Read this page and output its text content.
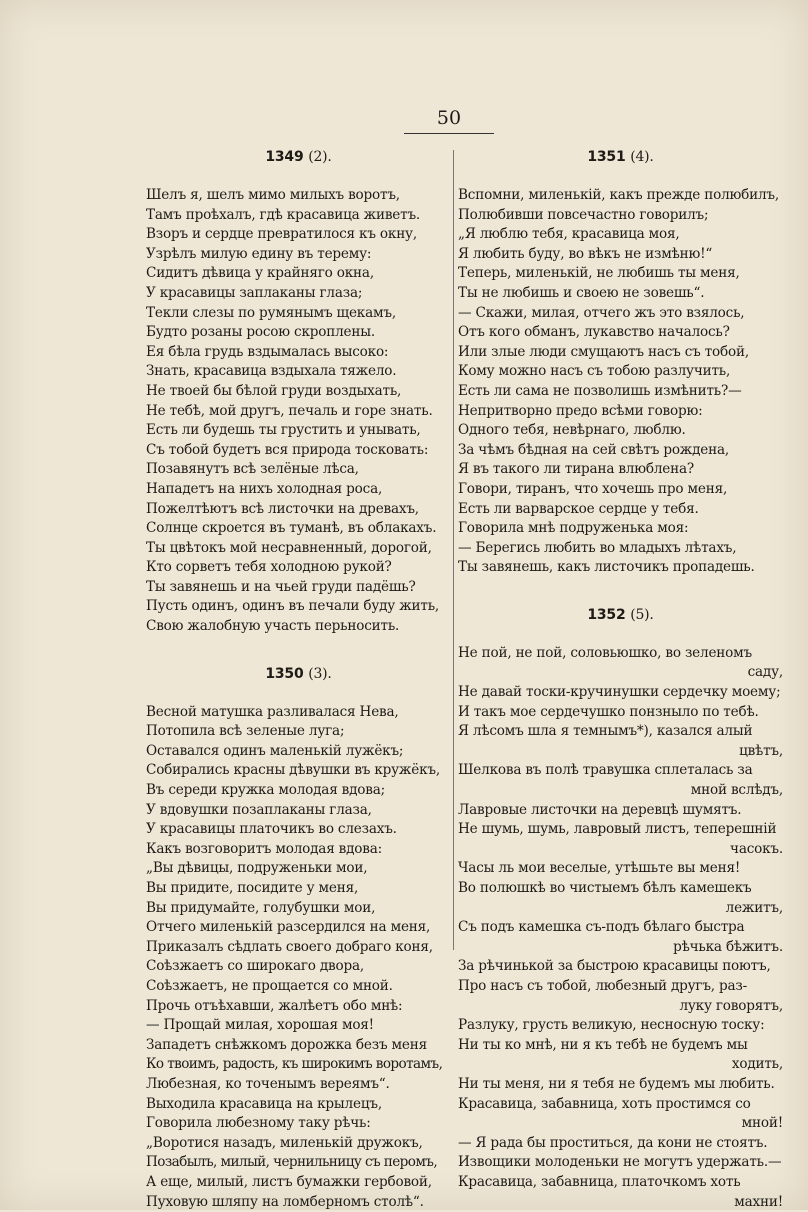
50
1349 (2).
Шелъ я, шелъ мимо милыхъ воротъ,
Тамъ проѣхалъ, гдѣ красавица живетъ.
Взоръ и сердце превратилося къ окну,
Узрѣлъ милую едину въ терему:
Сидитъ дѣвица у крайняго окна,
У красавицы заплаканы глаза;
Текли слезы по румянымъ щекамъ,
Будто розаны росою скроплены.
Ея бѣла грудь вздымалась высоко:
Знать, красавица вздыхала тяжело.
Не твоей бы бѣлой груди воздыхать,
Не тебѣ, мой другъ, печаль и горе знать.
Есть ли будешь ты грустить и унывать,
Съ тобой будетъ вся природа тосковать:
Позавянутъ всѣ зелёные лѣса,
Нападетъ на нихъ холодная роса,
Пожелтѣютъ всѣ листочки на древахъ,
Солнце скроется въ туманѣ, въ облакахъ.
Ты цвѣтокъ мой несравненный, дорогой,
Кто сорветъ тебя холодною рукой?
Ты завянешь и на чьей груди падёшь?
Пусть одинъ, одинъ въ печали буду жить,
Свою жалобную участь перьносить.
1350 (3).
Весной матушка разливалася Нева,
Потопила всѣ зеленые луга;
Оставался одинъ маленькій лужёкъ;
Собирались красны дѣвушки въ кружёкъ,
Въ середи кружка молодая вдова;
У вдовушки позаплаканы глаза,
У красавицы платочикъ во слезахъ.
Какъ возговоритъ молодая вдова:
„Вы дѣвицы, подруженьки мои,
Вы придите, посидите у меня,
Вы придумайте, голубушки мои,
Отчего миленькій разсердился на меня,
Приказалъ сѣдлать своего добраго коня,
Соѣзжаетъ со широкаго двора,
Соѣзжаетъ, не прощается со мной.
Прочь отъѣхавши, жалѣетъ обо мнѣ:
— Прощай милая, хорошая моя!
Западетъ снѣжкомъ дорожка безъ меня
Ко твоимъ, радость, къ широкимъ воротамъ,
Любезная, ко точенымъ вереямъ“.
Выходила красавица на крылецъ,
Говорила любезному таку рѣчь:
„Воротися назадъ, миленькій дружокъ,
Позабылъ, милый, чернильницу съ перомъ,
А еще, милый, листъ бумажки гербовой,
Пуховую шляпу на ломберномъ столѣ“.
1351 (4).
Вспомни, миленькій, какъ прежде полюбилъ,
Полюбивши повсечастно говорилъ;
„Я люблю тебя, красавица моя,
Я любить буду, во вѣкъ не измѣню!“
Теперь, миленькій, не любишь ты меня,
Ты не любишь и своею не зовешь“.
— Скажи, милая, отчего жъ это взялось,
Отъ кого обманъ, лукавство началось?
Или злые люди смущаютъ насъ съ тобой,
Кому можно насъ съ тобою разлучить,
Есть ли сама не позволишь измѣнить?—
Непритворно предо всѣми говорю:
Одного тебя, невѣрнаго, люблю.
За чѣмъ бѣдная на сей свѣтъ рождена,
Я въ такого ли тирана влюблена?
Говори, тиранъ, что хочешь про меня,
Есть ли варварское сердце у тебя.
Говорила мнѣ подруженька моя:
— Берегись любить во младыхъ лѣтахъ,
Ты завянешь, какъ листочикъ пропадешь.
1352 (5).
Не пой, не пой, соловьюшко, во зеленомъ
саду,
Не давай тоски-кручинушки сердечку моему;
И такъ мое сердечушко понзныло по тебѣ.
Я лѣсомъ шла я темнымъ*), казался алый
цвѣтъ,
Шелкова въ полѣ травушка сплеталась за
мной вслѣдъ,
Лавровые листочки на деревцѣ шумятъ.
Не шумь, шумь, лавровый листъ, теперешній
часокъ.
Часы ль мои веселые, утѣшьте вы меня!
Во полюшкѣ во чистыемъ бѣлъ камешекъ
лежитъ,
Съ подъ камешка съ-подъ бѣлаго быстра
рѣчька бѣжитъ.
За рѣчинькой за быстрою красавицы поютъ,
Про насъ съ тобой, любезный другъ, раз-
луку говорятъ,
Разлуку, грусть великую, несносную тоску:
Ни ты ко мнѣ, ни я къ тебѣ не будемъ мы
ходить,
Ни ты меня, ни я тебя не будемъ мы любить.
Красавица, забавница, хоть простимся со
мной!
— Я рада бы проститься, да кони не стоятъ.
Извощики молоденьки не могутъ удержать.—
Красавица, забавница, платочкомъ хоть
махни!
